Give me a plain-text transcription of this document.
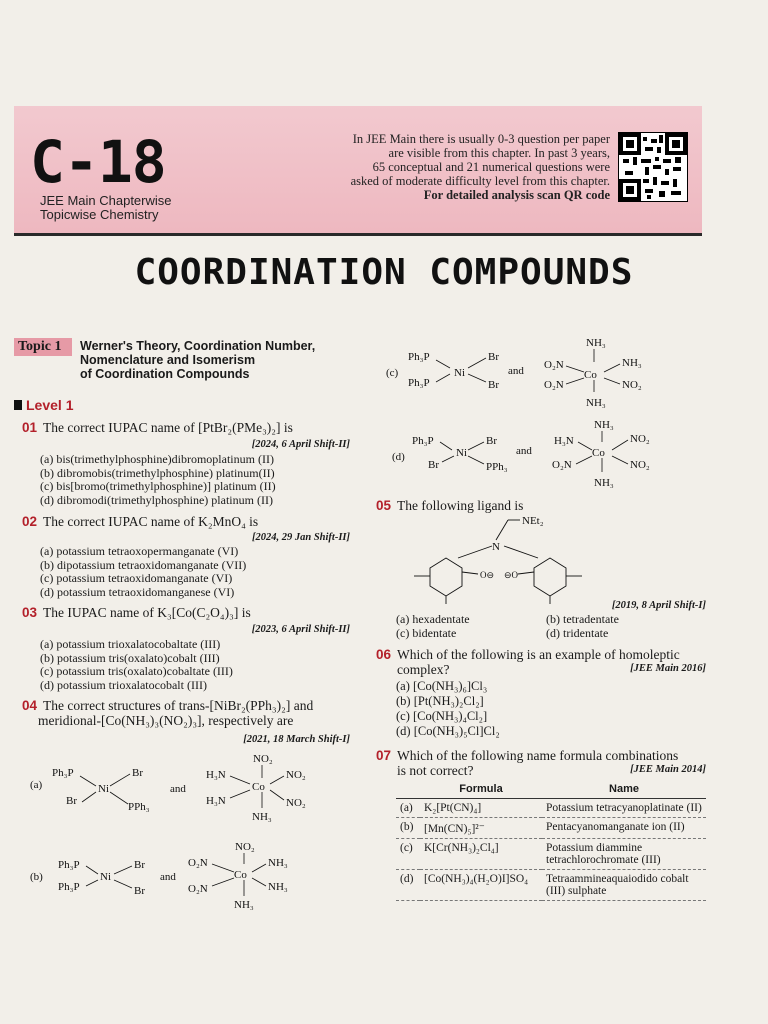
C-18
JEE Main Chapterwise
Topicwise Chemistry
In JEE Main there is usually 0-3 question per paper
are visible from this chapter. In past 3 years,
65 conceptual and 21 numerical questions were
asked of moderate difficulty level from this chapter.
For detailed analysis scan QR code
COORDINATION COMPOUNDS
Topic 1	Werner's Theory, Coordination Number,
Nomenclature and Isomerism
of Coordination Compounds
Level 1
01 The correct IUPAC name of [PtBr₂(PMe₃)₂] is
[2024, 6 April Shift-II]
(a) bis(trimethylphosphine)dibromoplatinum (II)
(b) dibromobis(trimethylphosphine) platinum(II)
(c) bis[bromo(trimethylphosphine)] platinum (II)
(d) dibromodi(trimethylphosphine) platinum (II)
02 The correct IUPAC name of K₂MnO₄ is
[2024, 29 Jan Shift-II]
(a) potassium tetraoxopermanganate (VI)
(b) dipotassium tetraoxidomanganate (VII)
(c) potassium tetraoxidomanganate (VI)
(d) potassium tetraoxidomanganese (VI)
03 The IUPAC name of K₃[Co(C₂O₄)₃] is
[2023, 6 April Shift-II]
(a) potassium trioxalatocobaltate (III)
(b) potassium tris(oxalato)cobalt (III)
(c) potassium tris(oxalato)cobaltate (III)
(d) potassium trioxalatocobalt (III)
04 The correct structures of trans-[NiBr₂(PPh₃)₂] and
meridional-[Co(NH₃)₃(NO₂)₃], respectively are
[2021, 18 March Shift-I]
(a)
Ph₃P	Br
Ni
Br	PPh₃
and
NO₂
H₃N	NO₂
Co
H₃N	NO₂
NH₃
(b)
Ph₃P	Br
Ni
Ph₃P	Br
and
NO₂
O₂N	NH₃
Co
O₂N	NH₃
NH₃
(c)
Ph₃P	Br
Ni
Ph₃P	Br
and
NH₃
O₂N	NH₃
Co
O₂N	NO₂
NH₃
(d)
Ph₃P	Br
Ni
Br	PPh₃
and
NH₃
H₃N	NO₂
Co
O₂N	NO₂
NH₃
05 The following ligand is
NEt₂
N
O⊖ ⊖O
[2019, 8 April Shift-I]
(a) hexadentate	(b) tetradentate
(c) bidentate	(d) tridentate
06 Which of the following is an example of homoleptic
complex?	[JEE Main 2016]
(a) [Co(NH₃)₆]Cl₃
(b) [Pt(NH₃)₂Cl₂]
(c) [Co(NH₃)₄Cl₂]
(d) [Co(NH₃)₅Cl]Cl₂
07 Which of the following name formula combinations
is not correct?	[JEE Main 2014]
	Formula	Name
(a)	K₂[Pt(CN)₄]	Potassium tetracyanoplatinate (II)
(b)	[Mn(CN)₅]²⁻	Pentacyanomanganate ion (II)
(c)	K[Cr(NH₃)₂Cl₄]	Potassium diammine tetrachlorochromate (III)
(d)	[Co(NH₃)₄(H₂O)I]SO₄	Tetraammineaquaiodido cobalt (III) sulphate
